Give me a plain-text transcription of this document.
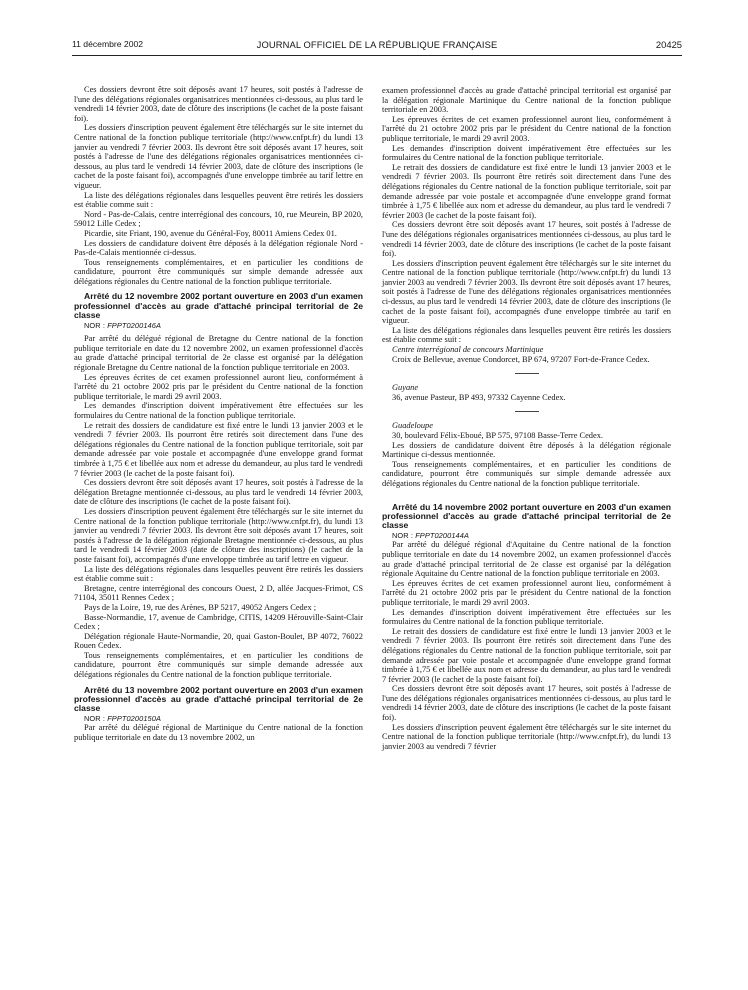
11 décembre 2002	JOURNAL OFFICIEL DE LA RÉPUBLIQUE FRANÇAISE	20425

Ces dossiers devront être soit déposés avant 17 heures, soit postés à l'adresse de l'une des délégations régionales organisatrices mentionnées ci-dessous, au plus tard le vendredi 14 février 2003, date de clôture des inscriptions (le cachet de la poste faisant foi).

Les dossiers d'inscription peuvent également être téléchargés sur le site internet du Centre national de la fonction publique territoriale (http://www.cnfpt.fr) du lundi 13 janvier au vendredi 7 février 2003. Ils devront être soit déposés avant 17 heures, soit postés à l'adresse de l'une des délégations régionales organisatrices mentionnées ci-dessous, au plus tard le vendredi 14 février 2003, date de clôture des inscriptions (le cachet de la poste faisant foi), accompagnés d'une enveloppe timbrée au tarif lettre en vigueur.

La liste des délégations régionales dans lesquelles peuvent être retirés les dossiers est établie comme suit :

Nord - Pas-de-Calais, centre interrégional des concours, 10, rue Meurein, BP 2020, 59012 Lille Cedex ;

Picardie, site Friant, 190, avenue du Général-Foy, 80011 Amiens Cedex 01.

Les dossiers de candidature doivent être déposés à la délégation régionale Nord - Pas-de-Calais mentionnée ci-dessus.

Tous renseignements complémentaires, et en particulier les conditions de candidature, pourront être communiqués sur simple demande adressée aux délégations régionales du Centre national de la fonction publique territoriale.

Arrêté du 12 novembre 2002 portant ouverture en 2003 d'un examen professionnel d'accès au grade d'attaché principal territorial de 2e classe

NOR : FPPT0200146A

Par arrêté du délégué régional de Bretagne du Centre national de la fonction publique territoriale en date du 12 novembre 2002, un examen professionnel d'accès au grade d'attaché principal territorial de 2e classe est organisé par la délégation régionale Bretagne du Centre national de la fonction publique territoriale en 2003.

Les épreuves écrites de cet examen professionnel auront lieu, conformément à l'arrêté du 21 octobre 2002 pris par le président du Centre national de la fonction publique territoriale, le mardi 29 avril 2003.

Les demandes d'inscription doivent impérativement être effectuées sur les formulaires du Centre national de la fonction publique territoriale.

Le retrait des dossiers de candidature est fixé entre le lundi 13 janvier 2003 et le vendredi 7 février 2003. Ils pourront être retirés soit directement dans l'une des délégations régionales du Centre national de la fonction publique territoriale, soit par demande adressée par voie postale et accompagnée d'une enveloppe grand format timbrée à 1,75 € et libellée aux nom et adresse du demandeur, au plus tard le vendredi 7 février 2003 (le cachet de la poste faisant foi).

Ces dossiers devront être soit déposés avant 17 heures, soit postés à l'adresse de la délégation Bretagne mentionnée ci-dessous, au plus tard le vendredi 14 février 2003, date de clôture des inscriptions (le cachet de la poste faisant foi).

Les dossiers d'inscription peuvent également être téléchargés sur le site internet du Centre national de la fonction publique territoriale (http://www.cnfpt.fr), du lundi 13 janvier au vendredi 7 février 2003. Ils devront être soit déposés avant 17 heures, soit postés à l'adresse de la délégation régionale Bretagne mentionnée ci-dessous, au plus tard le vendredi 14 février 2003 (date de clôture des inscriptions) (le cachet de la poste faisant foi), accompagnés d'une enveloppe timbrée au tarif lettre en vigueur.

La liste des délégations régionales dans lesquelles peuvent être retirés les dossiers est établie comme suit :

Bretagne, centre interrégional des concours Ouest, 2 D, allée Jacques-Frimot, CS 71104, 35011 Rennes Cedex ;

Pays de la Loire, 19, rue des Arènes, BP 5217, 49052 Angers Cedex ;

Basse-Normandie, 17, avenue de Cambridge, CITIS, 14209 Hérouville-Saint-Clair Cedex ;

Délégation régionale Haute-Normandie, 20, quai Gaston-Boulet, BP 4072, 76022 Rouen Cedex.

Tous renseignements complémentaires, et en particulier les conditions de candidature, pourront être communiqués sur simple demande adressée aux délégations régionales du Centre national de la fonction publique territoriale.

Arrêté du 13 novembre 2002 portant ouverture en 2003 d'un examen professionnel d'accès au grade d'attaché principal territorial de 2e classe

NOR : FPPT0200150A

Par arrêté du délégué régional de Martinique du Centre national de la fonction publique territoriale en date du 13 novembre 2002, un

examen professionnel d'accès au grade d'attaché principal territorial est organisé par la délégation régionale Martinique du Centre national de la fonction publique territoriale en 2003.

Les épreuves écrites de cet examen professionnel auront lieu, conformément à l'arrêté du 21 octobre 2002 pris par le président du Centre national de la fonction publique territoriale, le mardi 29 avril 2003.

Les demandes d'inscription doivent impérativement être effectuées sur les formulaires du Centre national de la fonction publique territoriale.

Le retrait des dossiers de candidature est fixé entre le lundi 13 janvier 2003 et le vendredi 7 février 2003. Ils pourront être retirés soit directement dans l'une des délégations régionales du Centre national de la fonction publique territoriale, soit par demande adressée par voie postale et accompagnée d'une enveloppe grand format timbrée à 1,75 € libellée aux nom et adresse du demandeur, au plus tard le vendredi 7 février 2003 (le cachet de la poste faisant foi).

Ces dossiers devront être soit déposés avant 17 heures, soit postés à l'adresse de l'une des délégations régionales organisatrices mentionnées ci-dessous, au plus tard le vendredi 14 février 2003, date de clôture des inscriptions (le cachet de la poste faisant foi).

Les dossiers d'inscription peuvent également être téléchargés sur le site internet du Centre national de la fonction publique territoriale (http://www.cnfpt.fr) du lundi 13 janvier 2003 au vendredi 7 février 2003. Ils devront être soit déposés avant 17 heures, soit postés à l'adresse de l'une des délégations régionales organisatrices mentionnées ci-dessus, au plus tard le vendredi 14 février 2003, date de clôture des inscriptions (le cachet de la poste faisant foi), accompagnés d'une enveloppe timbrée au tarif en vigueur.

La liste des délégations régionales dans lesquelles peuvent être retirés les dossiers est établie comme suit :

Centre interrégional de concours Martinique

Croix de Bellevue, avenue Condorcet, BP 674, 97207 Fort-de-France Cedex.

Guyane

36, avenue Pasteur, BP 493, 97332 Cayenne Cedex.

Guadeloupe

30, boulevard Félix-Eboué, BP 575, 97108 Basse-Terre Cedex.

Les dossiers de candidature doivent être déposés à la délégation régionale Martinique ci-dessus mentionnée.

Tous renseignements complémentaires, et en particulier les conditions de candidature, pourront être communiqués sur simple demande adressée aux délégations régionales du Centre national de la fonction publique territoriale.

Arrêté du 14 novembre 2002 portant ouverture en 2003 d'un examen professionnel d'accès au grade d'attaché principal territorial de 2e classe

NOR : FPPT0200144A

Par arrêté du délégué régional d'Aquitaine du Centre national de la fonction publique territoriale en date du 14 novembre 2002, un examen professionnel d'accès au grade d'attaché principal territorial de 2e classe est organisé par la délégation régionale Aquitaine du Centre national de la fonction publique territoriale en 2003.

Les épreuves écrites de cet examen professionnel auront lieu, conformément à l'arrêté du 21 octobre 2002 pris par le président du Centre national de la fonction publique territoriale, le mardi 29 avril 2003.

Les demandes d'inscription doivent impérativement être effectuées sur les formulaires du Centre national de la fonction publique territoriale.

Le retrait des dossiers de candidature est fixé entre le lundi 13 janvier 2003 et le vendredi 7 février 2003. Ils pourront être retirés soit directement dans l'une des délégations régionales du Centre national de la fonction publique territoriale, soit par demande adressée par voie postale et accompagnée d'une enveloppe grand format timbrée à 1,75 € et libellée aux nom et adresse du demandeur, au plus tard le vendredi 7 février 2003 (le cachet de la poste faisant foi).

Ces dossiers devront être soit déposés avant 17 heures, soit postés à l'adresse de l'une des délégations régionales organisatrices mentionnées ci-dessous, au plus tard le vendredi 14 février 2003, date de clôture des inscriptions (le cachet de la poste faisant foi).

Les dossiers d'inscription peuvent également être téléchargés sur le site internet du Centre national de la fonction publique territoriale (http://www.cnfpt.fr), du lundi 13 janvier 2003 au vendredi 7 février
